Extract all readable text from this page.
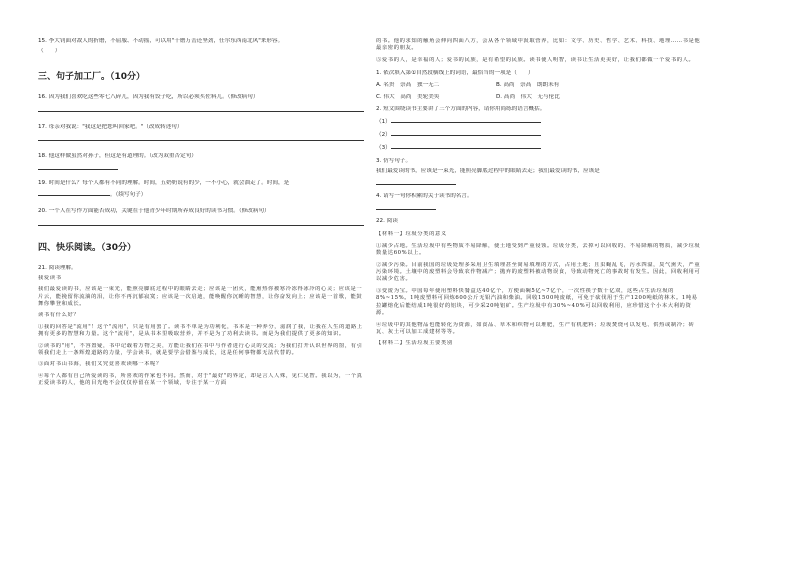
15. 李大钊面对敌人的折磨，不屈服、不动摇，可以用"千磨万击还坚劲，任尔东西南北风"来形容。
（　　）
三、句子加工厂。（10分）
16. 因为我们喜欢吃这些零七八碎儿，因为我有饺子吃，所以必须买佐料儿。（修改病句）
17. 母亲对我说："我这是把您叫回家吧。"（改成转述句）
18. 他这样做虽然对孙子，但这是有道理的。（改为双重否定句）
19. 时间是什么？每个人都有不同的理解。时间，五奶奶说有的少，一不小心，就会溜走了。时间，是
。（续写句子）
20. 一个人在写作方面能否成功，关键在于他青少年时期所养成良好的读书习惯。（修改病句）
四、快乐阅读。（30分）
21. 阅读理解。
我爱读书
我们最爱读的书，应该是一束光，能照亮脚底过程中的眼睛去走；应该是一团火，能熏热你被寒冷冻得冰冷的心灵；应该是一片云，能挽留你流淌的泪，让你不再沉郁寂寞；应该是一次启迪，能唤醒你沉睡的智慧，让你奋发向上；应该是一首歌，能鼓舞你攀登和成长。
读书有什么好？
①我的回答是"流用"！这个"流用"，只是有用罢了。读书不单是为功利化，书本是一种养分，滋润了我，让我在人生的道路上拥有更多的智慧和力量。这个"流用"，是从书本里吸取营养，并不是为了功利去读书。而是为我们提供了更多的知识。
②读书的"用"，不容置疑，书中记载着万物之美，方能让我们在书中与作者进行心灵的交流；为我们打开认识世界的窗，有引领我们走上一条辉煌道路的力量，学会读书，就是要学会借鉴与成长，这是任何事物都无法代替的。
③面对书山书海，我们又究竟喜欢读哪一本呢？
④每个人都有自己所爱读的书，所喜欢的作家也不同。然而，对于"最好"的界定，却是言人人殊，见仁见智。我以为，一个真正爱读书的人，他的目光绝不会仅仅停留在某一个领域，专注于某一方面
的书。他的求知的触角会伸向四面八方，会从各个领域中汲取营养，比如：文学、历史、哲学、艺术、科技、地理……书是他最亲密的朋友。
⑤爱书的人，是幸福的人；爱书的民族，是有希望的民族。读书使人明智，读书让生活更美好，让我们都做一个爱书的人。
1. 依次填入第①自然段横线上的词语，最恰当的一项是（　　）
A. 名贵　崇高　独一无二	B. 高尚　崇高　朗朗未有
C. 伟大　高尚　美轮美奂	D. 高尚　伟大　无与伦比
2. 短文围绕读书主要讲了三个方面的内容，请你用简练的语言概括。
（1）
（2）
（3）
3. 仿写句子。
我们最爱读的书，应该是一束光，能照亮脚底过程中的眼睛去走；我们最爱读的书，应该是
4. 请写一句你积累的关于读书的名言。
22. 阅读
【材料一】垃圾分类的意义
①减少占地。生活垃圾中有些物质不易降解，使土地受到严重侵蚀。垃圾分类，去掉可以回收的、不易降解的物质，减少垃圾数量达60%以上。
②减少污染。目前我国的垃圾处理多采用卫生填埋甚至简易填埋的方式，占用土地；且虫蝇乱飞，污水四溢，臭气熏天，严重污染环境。土壤中的废塑料会导致农作物减产；抛弃的废塑料被动物误食，导致动物死亡的事故时有发生。因此，回收利用可以减少危害。
③变废为宝。中国每年使用塑料快餐盒达40亿个，方便面碗5亿~7亿个，一次性筷子数十亿双，这些占生活垃圾的8%~15%。1吨废塑料可回炼600公斤无铅汽油和柴油。回收1500吨废纸，可免于砍伐用于生产1200吨纸的林木。1吨易拉罐熔化后能结成1吨很好的铝块，可少采20吨铝矿。生产垃圾中有30%~40%可以回收利用，应珍惜这个小本大利的资源。
④垃圾中的其他物品也能转化为资源，如食品、草木和织物可以堆肥，生产有机肥料；垃圾焚烧可以发电、供热或制冷；砖瓦、灰土可以加工成建材等等。
【材料二】生活垃圾主要类别
